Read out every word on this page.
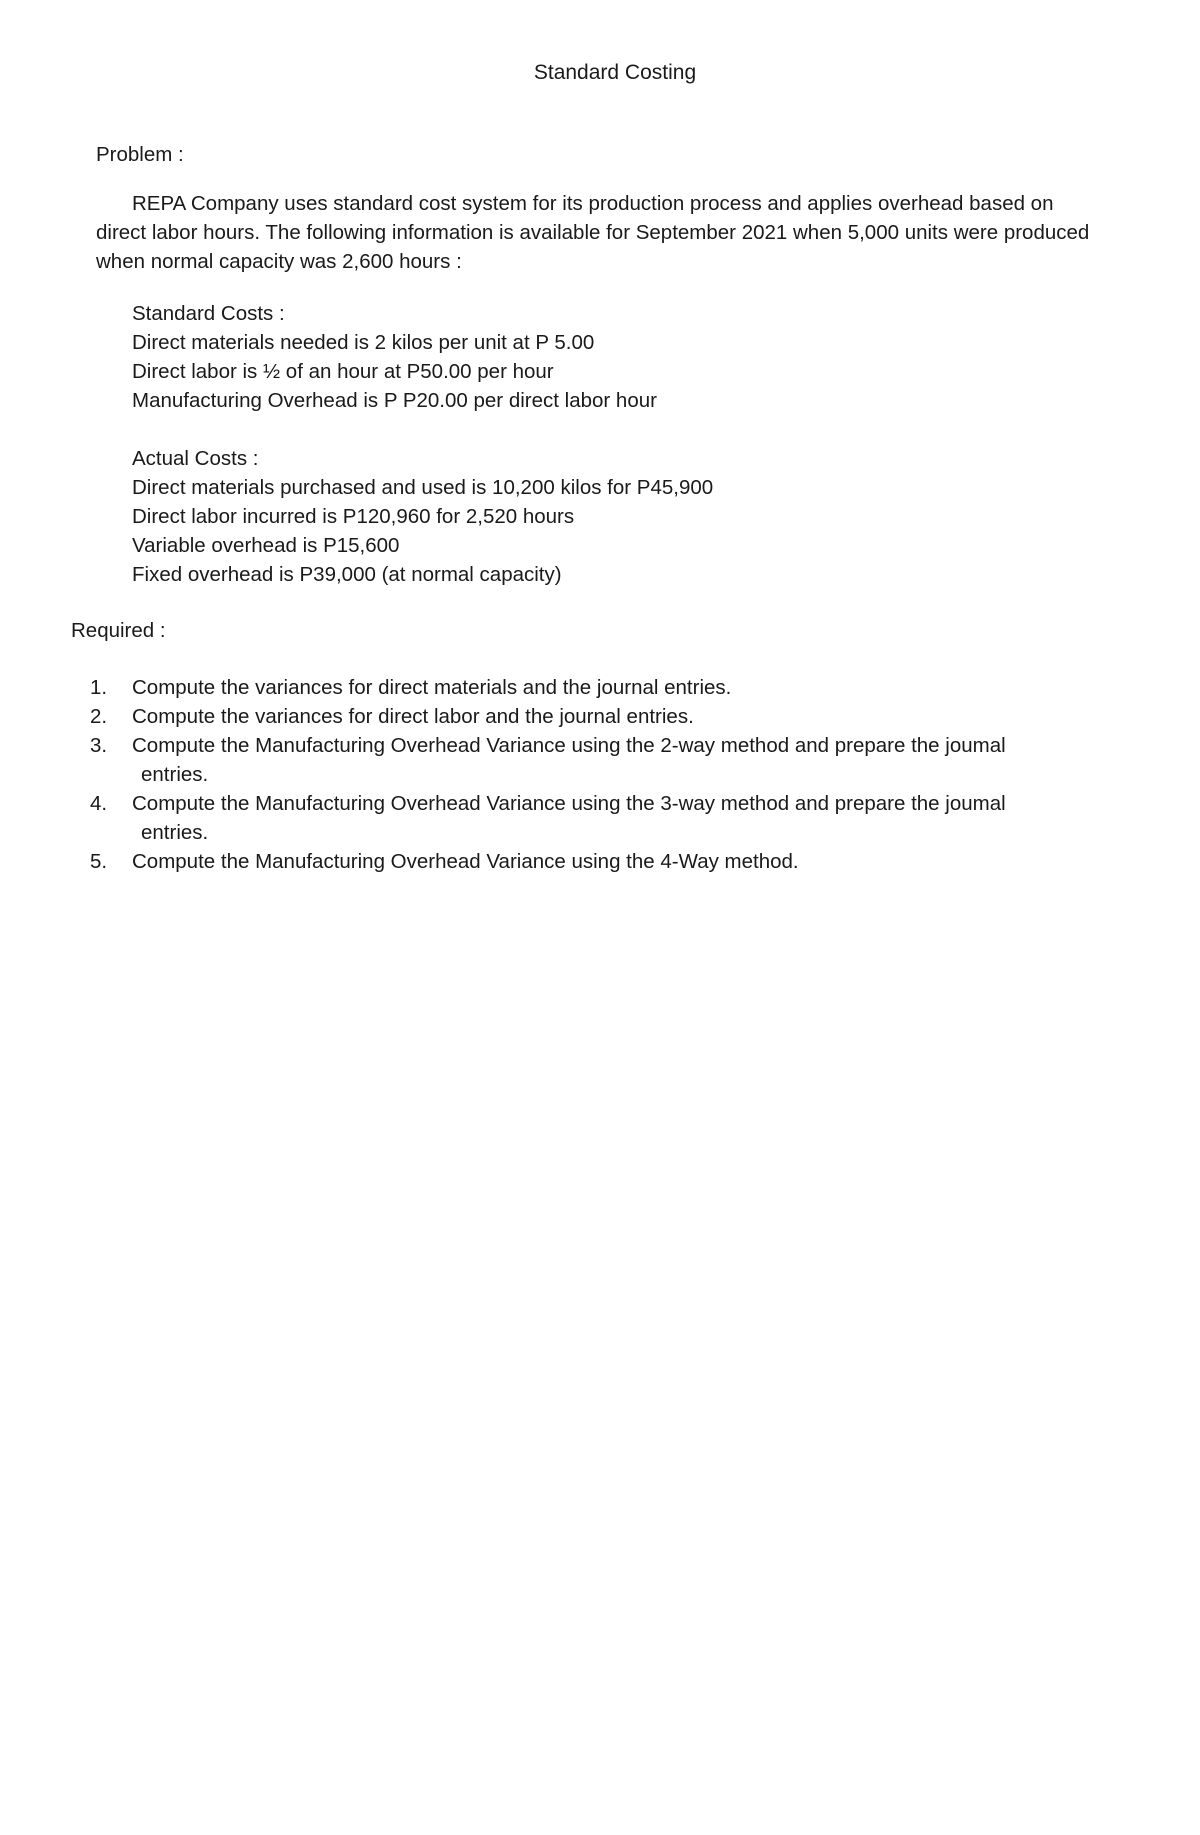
Standard Costing

Problem :

REPA Company uses standard cost system for its production process and applies overhead based on direct labor hours. The following information is available for September 2021 when 5,000 units were produced when normal capacity was 2,600 hours :

Standard Costs :
Direct materials needed is 2 kilos per unit at P 5.00
Direct labor is ½ of an hour at P50.00 per hour
Manufacturing Overhead is P P20.00 per direct labor hour
Actual Costs :
Direct materials purchased and used is 10,200 kilos for P45,900
Direct labor incurred is P120,960 for 2,520 hours
Variable overhead is P15,600
Fixed overhead is P39,000 (at normal capacity)

Required :

1.	Compute the variances for direct materials and the journal entries.
2.	Compute the variances for direct labor and the journal entries.
3.	Compute the Manufacturing Overhead Variance using the 2-way method and prepare the joumal
entries.
4.	Compute the Manufacturing Overhead Variance using the 3-way method and prepare the joumal
entries.
5.	Compute the Manufacturing Overhead Variance using the 4-Way method.
